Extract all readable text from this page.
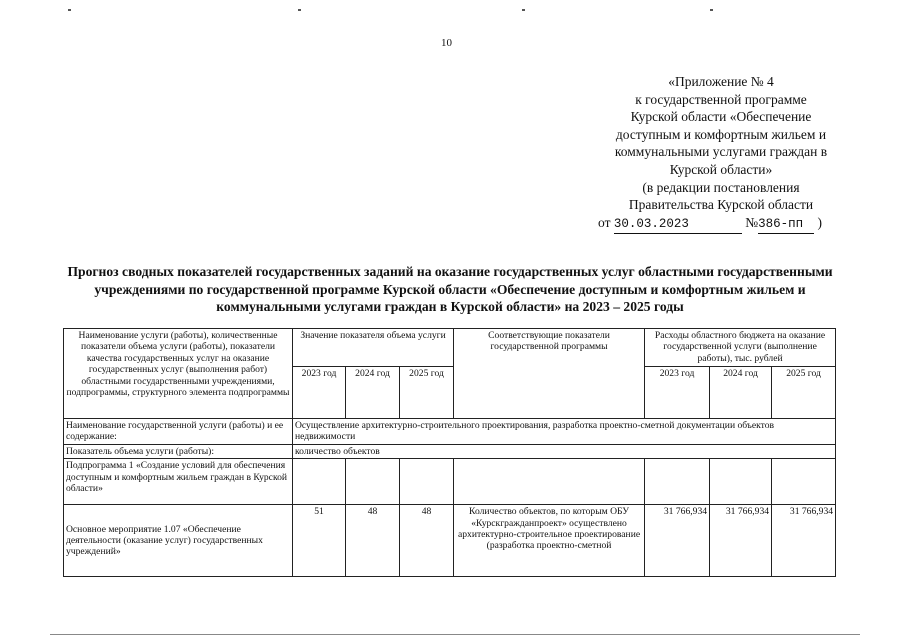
10
«Приложение № 4
к государственной программе
Курской области «Обеспечение
доступным и комфортным жильем и
коммунальными услугами граждан в
Курской области»
(в редакции постановления
Правительства Курской области
от 30.03.2023	№386-пп )
Прогноз сводных показателей государственных заданий на оказание государственных услуг областными государственными учреждениями по государственной программе Курской области «Обеспечение доступным и комфортным жильем и коммунальными услугами граждан в Курской области» на 2023 – 2025 годы
Наименование услуги (работы), количественные показатели объема услуги (работы), показатели качества государственных услуг на оказание государственных услуг (выполнения работ) областными государственными учреждениями, подпрограммы, структурного элемента подпрограммы	Значение показателя объема услуги			Соответствующие показатели государственной программы	Расходы областного бюджета на оказание государственной услуги (выполнение работы), тыс. рублей		
	2023 год	2024 год	2025 год		2023 год	2024 год	2025 год
Наименование государственной услуги (работы) и ее содержание:	Осуществление архитектурно-строительного проектирования, разработка проектно-сметной документации объектов недвижимости						
Показатель объема услуги (работы):	количество объектов						
Подпрограмма 1 «Создание условий для обеспечения доступным и комфортным жильем граждан в Курской области»							
Основное мероприятие 1.07 «Обеспечение деятельности (оказание услуг) государственных учреждений»	51	48	48	Количество объектов, по которым ОБУ «Курскгражданпроект» осуществлено архитектурно-строительное проектирование (разработка проектно-сметной	31 766,934	31 766,934	31 766,934
